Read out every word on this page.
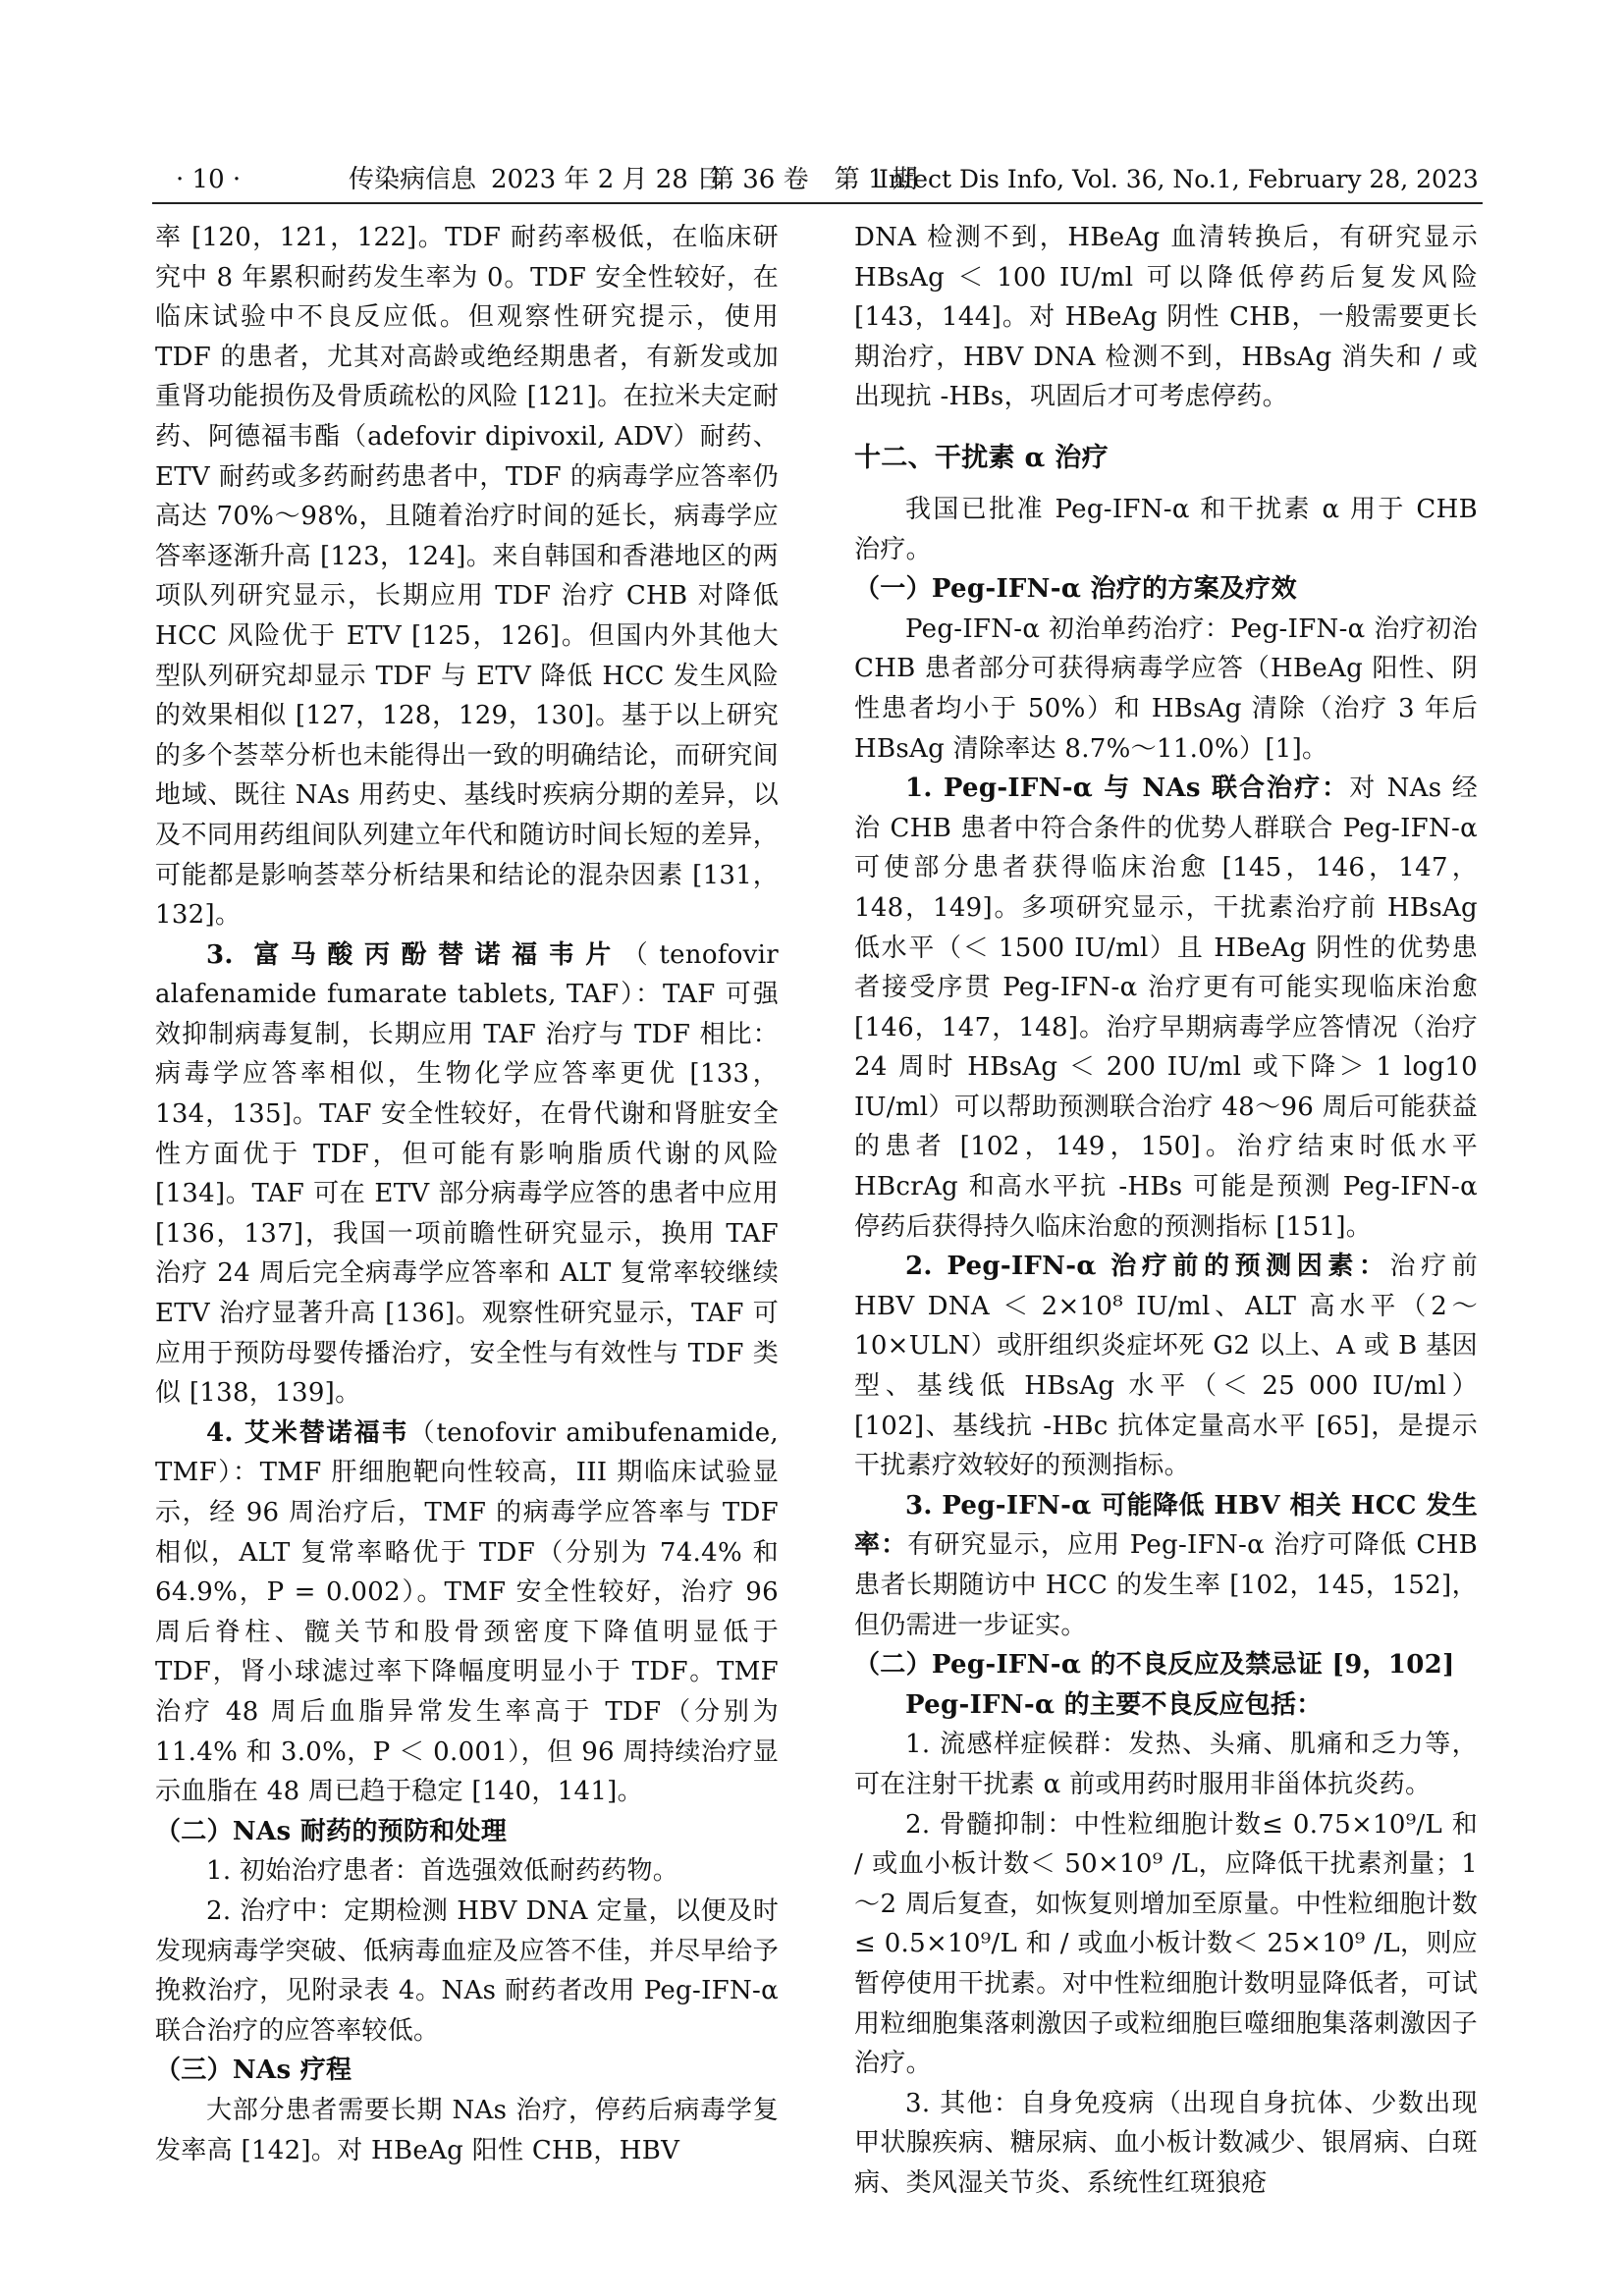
· 10 ·	传染病信息 2023 年 2 月 28 日
第 36 卷　第 1 期
Infect Dis Info, Vol. 36, No.1, February 28, 2023

率 [120，121，122]。TDF 耐药率极低，在临床研究中 8 年累积耐药发生率为 0。TDF 安全性较好，在临床试验中不良反应低。但观察性研究提示，使用 TDF 的患者，尤其对高龄或绝经期患者，有新发或加重肾功能损伤及骨质疏松的风险 [121]。在拉米夫定耐药、阿德福韦酯（adefovir dipivoxil, ADV）耐药、ETV 耐药或多药耐药患者中，TDF 的病毒学应答率仍高达 70%～98%，且随着治疗时间的延长，病毒学应答率逐渐升高 [123，124]。来自韩国和香港地区的两项队列研究显示，长期应用 TDF 治疗 CHB 对降低 HCC 风险优于 ETV [125，126]。但国内外其他大型队列研究却显示 TDF 与 ETV 降低 HCC 发生风险的效果相似 [127，128，129，130]。基于以上研究的多个荟萃分析也未能得出一致的明确结论，而研究间地域、既往 NAs 用药史、基线时疾病分期的差异，以及不同用药组间队列建立年代和随访时间长短的差异，可能都是影响荟萃分析结果和结论的混杂因素 [131，132]。

3. 富马酸丙酚替诺福韦片（tenofovir alafenamide fumarate tablets, TAF）：TAF 可强效抑制病毒复制，长期应用 TAF 治疗与 TDF 相比：病毒学应答率相似，生物化学应答率更优 [133，134，135]。TAF 安全性较好，在骨代谢和肾脏安全性方面优于 TDF，但可能有影响脂质代谢的风险 [134]。TAF 可在 ETV 部分病毒学应答的患者中应用 [136，137]，我国一项前瞻性研究显示，换用 TAF 治疗 24 周后完全病毒学应答率和 ALT 复常率较继续 ETV 治疗显著升高 [136]。观察性研究显示，TAF 可应用于预防母婴传播治疗，安全性与有效性与 TDF 类似 [138，139]。

4. 艾米替诺福韦（tenofovir amibufenamide, TMF）：TMF 肝细胞靶向性较高，III 期临床试验显示，经 96 周治疗后，TMF 的病毒学应答率与 TDF 相似，ALT 复常率略优于 TDF（分别为 74.4% 和 64.9%，P = 0.002）。TMF 安全性较好，治疗 96 周后脊柱、髋关节和股骨颈密度下降值明显低于 TDF，肾小球滤过率下降幅度明显小于 TDF。TMF 治疗 48 周后血脂异常发生率高于 TDF（分别为 11.4% 和 3.0%，P ＜ 0.001），但 96 周持续治疗显示血脂在 48 周已趋于稳定 [140，141]。

（二）NAs 耐药的预防和处理

1. 初始治疗患者：首选强效低耐药药物。

2. 治疗中：定期检测 HBV DNA 定量，以便及时发现病毒学突破、低病毒血症及应答不佳，并尽早给予挽救治疗，见附录表 4。NAs 耐药者改用 Peg-IFN-α 联合治疗的应答率较低。

（三）NAs 疗程

大部分患者需要长期 NAs 治疗，停药后病毒学复发率高 [142]。对 HBeAg 阳性 CHB，HBV

DNA 检测不到，HBeAg 血清转换后，有研究显示 HBsAg ＜ 100 IU/ml 可以降低停药后复发风险 [143，144]。对 HBeAg 阴性 CHB，一般需要更长期治疗，HBV DNA 检测不到，HBsAg 消失和 / 或出现抗 -HBs，巩固后才可考虑停药。

十二、干扰素 α 治疗

我国已批准 Peg-IFN-α 和干扰素 α 用于 CHB 治疗。

（一）Peg-IFN-α 治疗的方案及疗效

Peg-IFN-α 初治单药治疗：Peg-IFN-α 治疗初治 CHB 患者部分可获得病毒学应答（HBeAg 阳性、阴性患者均小于 50%）和 HBsAg 清除（治疗 3 年后 HBsAg 清除率达 8.7%～11.0%）[1]。

1. Peg-IFN-α 与 NAs 联合治疗：对 NAs 经治 CHB 患者中符合条件的优势人群联合 Peg-IFN-α 可使部分患者获得临床治愈 [145，146，147，148，149]。多项研究显示，干扰素治疗前 HBsAg 低水平（＜ 1500 IU/ml）且 HBeAg 阴性的优势患者接受序贯 Peg-IFN-α 治疗更有可能实现临床治愈 [146，147，148]。治疗早期病毒学应答情况（治疗 24 周时 HBsAg ＜ 200 IU/ml 或下降＞ 1 log10 IU/ml）可以帮助预测联合治疗 48～96 周后可能获益的患者 [102，149，150]。治疗结束时低水平 HBcrAg 和高水平抗 -HBs 可能是预测 Peg-IFN-α 停药后获得持久临床治愈的预测指标 [151]。

2. Peg-IFN-α 治疗前的预测因素：治疗前 HBV DNA ＜ 2×10⁸ IU/ml、ALT 高水平（2～10×ULN）或肝组织炎症坏死 G2 以上、A 或 B 基因型、基线低 HBsAg 水平（＜ 25 000 IU/ml）[102]、基线抗 -HBc 抗体定量高水平 [65]，是提示干扰素疗效较好的预测指标。

3. Peg-IFN-α 可能降低 HBV 相关 HCC 发生率：有研究显示，应用 Peg-IFN-α 治疗可降低 CHB 患者长期随访中 HCC 的发生率 [102，145，152]，但仍需进一步证实。

（二）Peg-IFN-α 的不良反应及禁忌证 [9，102]

Peg-IFN-α 的主要不良反应包括：

1. 流感样症候群：发热、头痛、肌痛和乏力等，可在注射干扰素 α 前或用药时服用非甾体抗炎药。

2. 骨髓抑制：中性粒细胞计数≤ 0.75×10⁹/L 和 / 或血小板计数＜ 50×10⁹ /L，应降低干扰素剂量；1～2 周后复查，如恢复则增加至原量。中性粒细胞计数≤ 0.5×10⁹/L 和 / 或血小板计数＜ 25×10⁹ /L，则应暂停使用干扰素。对中性粒细胞计数明显降低者，可试用粒细胞集落刺激因子或粒细胞巨噬细胞集落刺激因子治疗。

3. 其他：自身免疫病（出现自身抗体、少数出现甲状腺疾病、糖尿病、血小板计数减少、银屑病、白斑病、类风湿关节炎、系统性红斑狼疮
